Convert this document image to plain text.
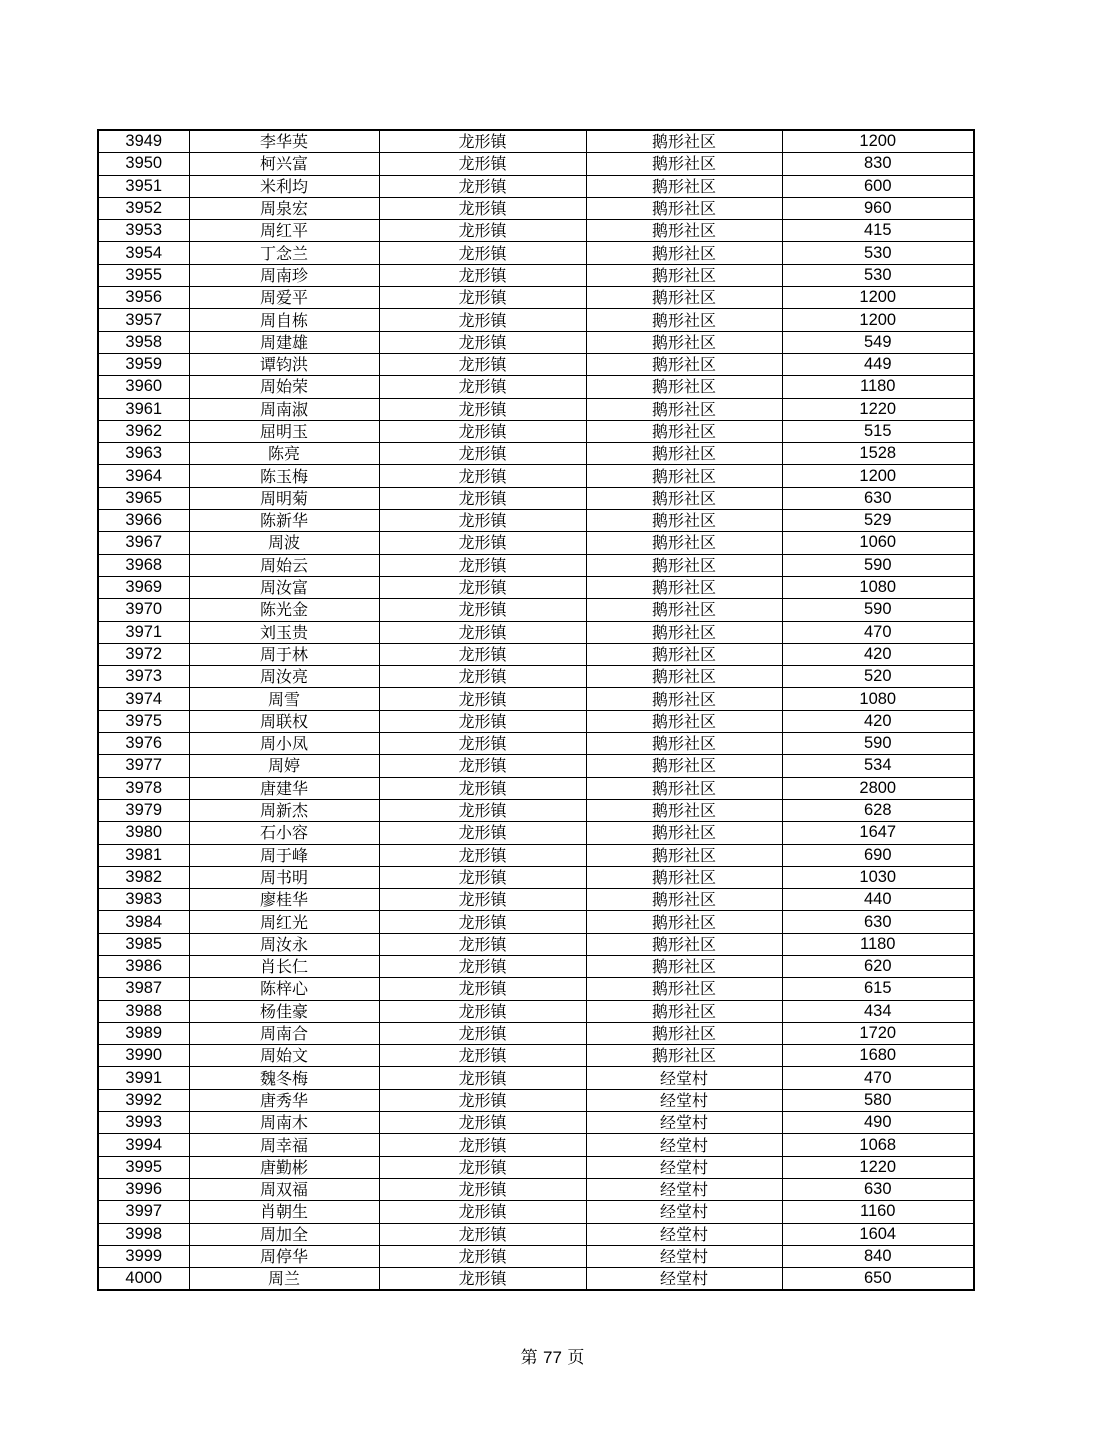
3949	李华英	龙形镇	鹅形社区	1200
3950	柯兴富	龙形镇	鹅形社区	830
3951	米利均	龙形镇	鹅形社区	600
3952	周泉宏	龙形镇	鹅形社区	960
3953	周红平	龙形镇	鹅形社区	415
3954	丁念兰	龙形镇	鹅形社区	530
3955	周南珍	龙形镇	鹅形社区	530
3956	周爱平	龙形镇	鹅形社区	1200
3957	周自栋	龙形镇	鹅形社区	1200
3958	周建雄	龙形镇	鹅形社区	549
3959	谭钧洪	龙形镇	鹅形社区	449
3960	周始荣	龙形镇	鹅形社区	1180
3961	周南淑	龙形镇	鹅形社区	1220
3962	屈明玉	龙形镇	鹅形社区	515
3963	陈亮	龙形镇	鹅形社区	1528
3964	陈玉梅	龙形镇	鹅形社区	1200
3965	周明菊	龙形镇	鹅形社区	630
3966	陈新华	龙形镇	鹅形社区	529
3967	周波	龙形镇	鹅形社区	1060
3968	周始云	龙形镇	鹅形社区	590
3969	周汝富	龙形镇	鹅形社区	1080
3970	陈光金	龙形镇	鹅形社区	590
3971	刘玉贵	龙形镇	鹅形社区	470
3972	周于林	龙形镇	鹅形社区	420
3973	周汝亮	龙形镇	鹅形社区	520
3974	周雪	龙形镇	鹅形社区	1080
3975	周联权	龙形镇	鹅形社区	420
3976	周小凤	龙形镇	鹅形社区	590
3977	周婷	龙形镇	鹅形社区	534
3978	唐建华	龙形镇	鹅形社区	2800
3979	周新杰	龙形镇	鹅形社区	628
3980	石小容	龙形镇	鹅形社区	1647
3981	周于峰	龙形镇	鹅形社区	690
3982	周书明	龙形镇	鹅形社区	1030
3983	廖桂华	龙形镇	鹅形社区	440
3984	周红光	龙形镇	鹅形社区	630
3985	周汝永	龙形镇	鹅形社区	1180
3986	肖长仁	龙形镇	鹅形社区	620
3987	陈梓心	龙形镇	鹅形社区	615
3988	杨佳豪	龙形镇	鹅形社区	434
3989	周南合	龙形镇	鹅形社区	1720
3990	周始文	龙形镇	鹅形社区	1680
3991	魏冬梅	龙形镇	经堂村	470
3992	唐秀华	龙形镇	经堂村	580
3993	周南木	龙形镇	经堂村	490
3994	周幸福	龙形镇	经堂村	1068
3995	唐勤彬	龙形镇	经堂村	1220
3996	周双福	龙形镇	经堂村	630
3997	肖朝生	龙形镇	经堂村	1160
3998	周加全	龙形镇	经堂村	1604
3999	周停华	龙形镇	经堂村	840
4000	周兰	龙形镇	经堂村	650
第 77 页
